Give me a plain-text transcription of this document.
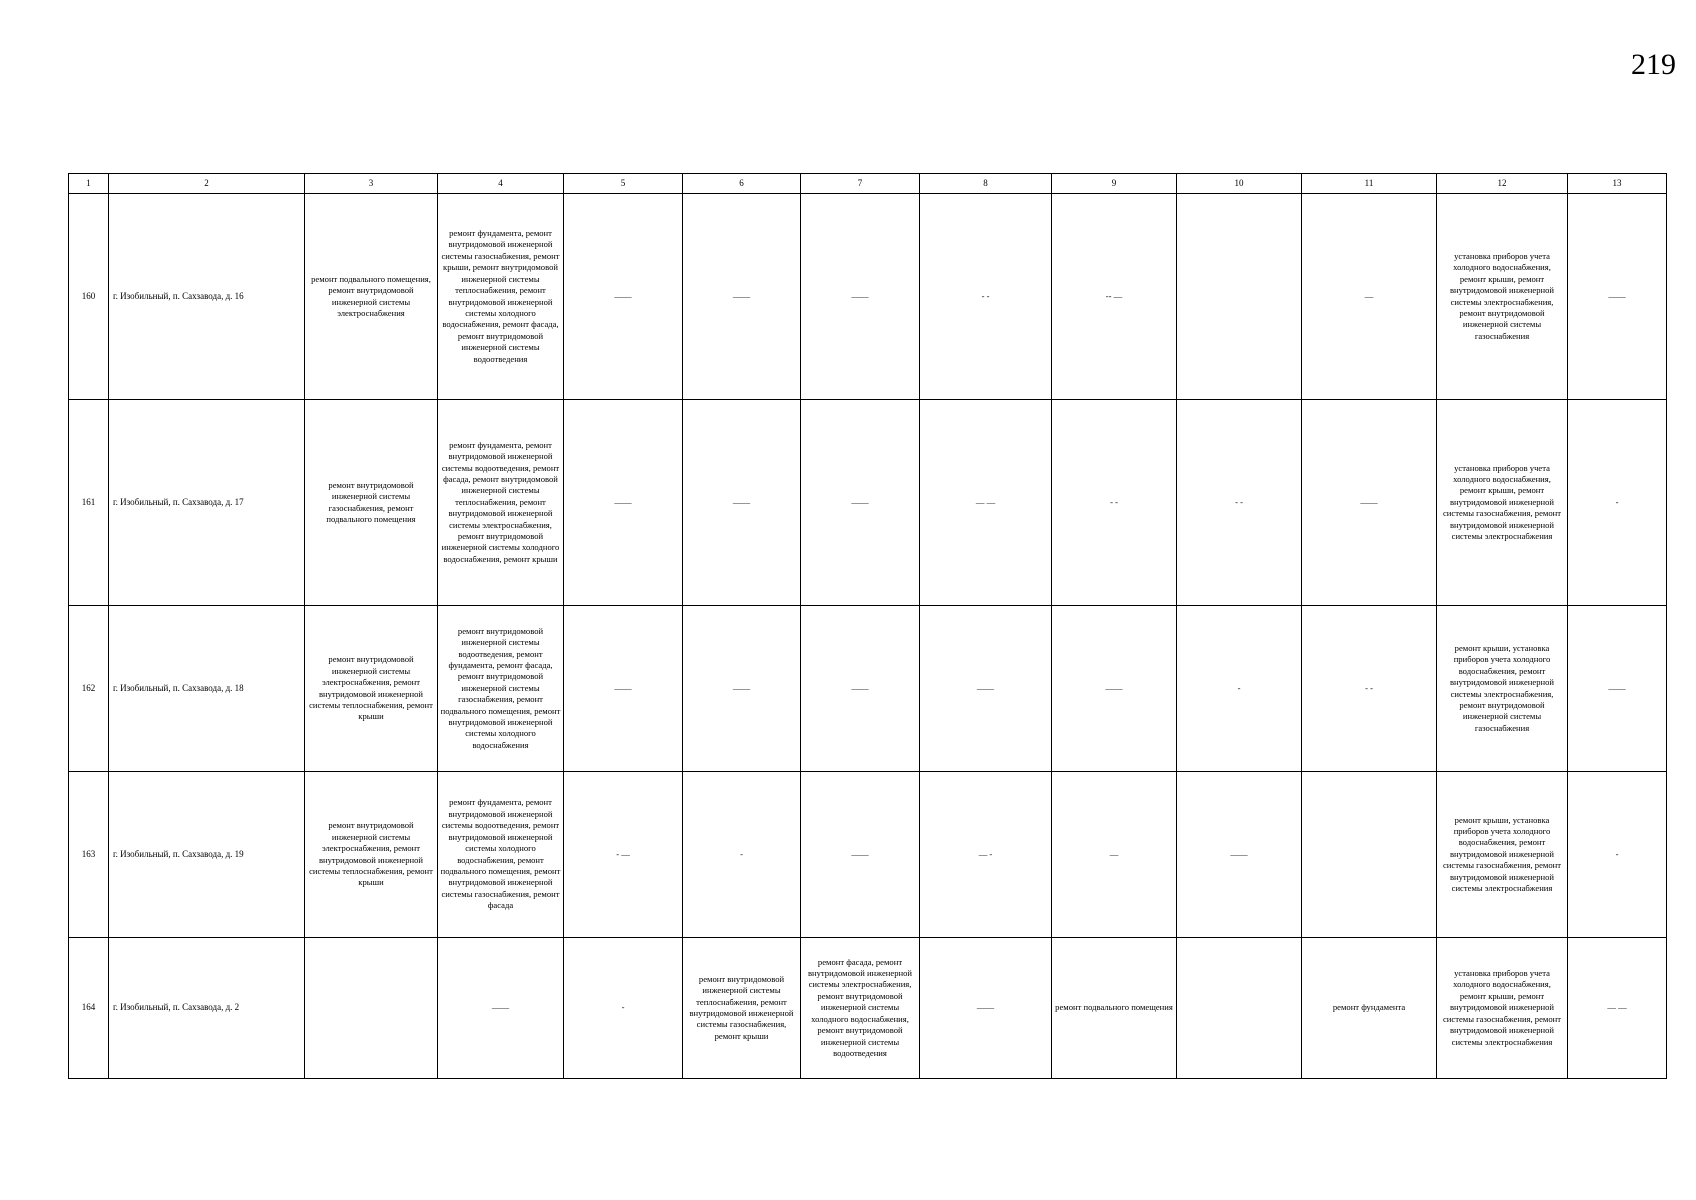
219
1	2	3	4	5	6	7	8	9	10	11	12	13
160	г. Изобильный, п. Сахзавода, д. 16	ремонт подвального помещения, ремонт внутридомовой инженерной системы электроснабжения	ремонт фундамента, ремонт внутридомовой инженерной системы газоснабжения, ремонт крыши, ремонт внутридомовой инженерной системы теплоснабжения, ремонт внутридомовой инженерной системы холодного водоснабжения, ремонт фасада, ремонт внутридомовой инженерной системы водоотведения	——	——	——	- -	-- —		—	установка приборов учета холодного водоснабжения, ремонт крыши, ремонт внутридомовой инженерной системы электроснабжения, ремонт внутридомовой инженерной системы газоснабжения	——
161	г. Изобильный, п. Сахзавода, д. 17	ремонт внутридомовой инженерной системы газоснабжения, ремонт подвального помещения	ремонт фундамента, ремонт внутридомовой инженерной системы водоотведения, ремонт фасада, ремонт внутридомовой инженерной системы теплоснабжения, ремонт внутридомовой инженерной системы электроснабжения, ремонт внутридомовой инженерной системы холодного водоснабжения, ремонт крыши	——	——	——	— —	- -	- -	——	установка приборов учета холодного водоснабжения, ремонт крыши, ремонт внутридомовой инженерной системы газоснабжения, ремонт внутридомовой инженерной системы электроснабжения	-
162	г. Изобильный, п. Сахзавода, д. 18	ремонт внутридомовой инженерной системы электроснабжения, ремонт внутридомовой инженерной системы теплоснабжения, ремонт крыши	ремонт внутридомовой инженерной системы водоотведения, ремонт фундамента, ремонт фасада, ремонт внутридомовой инженерной системы газоснабжения, ремонт подвального помещения, ремонт внутридомовой инженерной системы холодного водоснабжения	——	——	——	——	——	-	- -	ремонт крыши, установка приборов учета холодного водоснабжения, ремонт внутридомовой инженерной системы электроснабжения, ремонт внутридомовой инженерной системы газоснабжения	——
163	г. Изобильный, п. Сахзавода, д. 19	ремонт внутридомовой инженерной системы электроснабжения, ремонт внутридомовой инженерной системы теплоснабжения, ремонт крыши	ремонт фундамента, ремонт внутридомовой инженерной системы водоотведения, ремонт внутридомовой инженерной системы холодного водоснабжения, ремонт подвального помещения, ремонт внутридомовой инженерной системы газоснабжения, ремонт фасада	- —	-	——	— -	—	——		ремонт крыши, установка приборов учета холодного водоснабжения, ремонт внутридомовой инженерной системы газоснабжения, ремонт внутридомовой инженерной системы электроснабжения	-
164	г. Изобильный, п. Сахзавода, д. 2		——	-	ремонт внутридомовой инженерной системы теплоснабжения, ремонт внутридомовой инженерной системы газоснабжения, ремонт крыши	ремонт фасада, ремонт внутридомовой инженерной системы электроснабжения, ремонт внутридомовой инженерной системы холодного водоснабжения, ремонт внутридомовой инженерной системы водоотведения	——	ремонт подвального помещения		ремонт фундамента	установка приборов учета холодного водоснабжения, ремонт крыши, ремонт внутридомовой инженерной системы газоснабжения, ремонт внутридомовой инженерной системы электроснабжения	— —
